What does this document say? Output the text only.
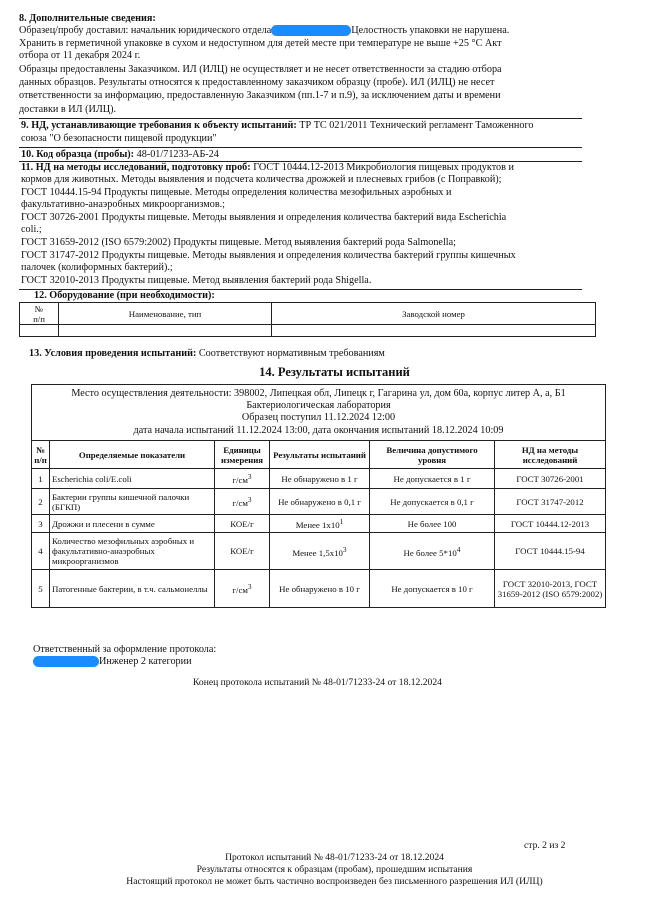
8. Дополнительные сведения:
Образец/пробу доставил: начальник юридического отдела	Целостность упаковки не нарушена.
Хранить в герметичной упаковке в сухом и недоступном для детей месте при температуре не выше +25 °С Акт
отбора от 11 декабря 2024 г.
Образцы предоставлены Заказчиком. ИЛ (ИЛЦ) не осуществляет и не несет ответственности за стадию отбора
данных образцов. Результаты относятся к предоставленному заказчиком образцу (пробе). ИЛ (ИЛЦ) не несет
ответственности за информацию, предоставленную Заказчиком (пп.1-7 и п.9), за исключением даты и времени
доставки в ИЛ (ИЛЦ).
9. НД, устанавливающие требования к объекту испытаний: ТР ТС 021/2011 Технический регламент Таможенного
союза "О безопасности пищевой продукции"
10. Код образца (пробы): 48-01/71233-АБ-24
11. НД на методы исследований, подготовку проб: ГОСТ 10444.12-2013 Микробиология пищевых продуктов и
кормов для животных. Методы выявления и подсчета количества дрожжей и плесневых грибов (с Поправкой);
ГОСТ 10444.15-94 Продукты пищевые. Методы определения количества мезофильных аэробных и
факультативно-анаэробных микроорганизмов.;
ГОСТ 30726-2001 Продукты пищевые. Методы выявления и определения количества бактерий вида Escherichia
coli.;
ГОСТ 31659-2012 (ISO 6579:2002) Продукты пищевые. Метод выявления бактерий рода Salmonella;
ГОСТ 31747-2012 Продукты пищевые. Методы выявления и определения количества бактерий группы кишечных
палочек (колиформных бактерий).;
ГОСТ 32010-2013 Продукты пищевые. Метод выявления бактерий рода Shigella.
12. Оборудование (при необходимости):
№
п/п	Наименование, тип	Заводской номер

13. Условия проведения испытаний: Соответствуют нормативным требованиям
14. Результаты испытаний
Место осуществления деятельности: 398002, Липецкая обл, Липецк г, Гагарина ул, дом 60а, корпус литер А, а, Б1
Бактериологическая лаборатория
Образец поступил 11.12.2024 12:00
дата начала испытаний 11.12.2024 13:00, дата окончания испытаний 18.12.2024 10:09
№
п/п	Определяемые показатели	Единицы измерения	Результаты испытаний	Величина допустимого уровня	НД на методы исследований
1	Escherichia coli/E.coli	$г/см^3$	Не обнаружено в 1 г	Не допускается в 1 г	ГОСТ 30726-2001
2	Бактерии группы кишечной палочки (БГКП)	$г/см^3$	Не обнаружено в 0,1 г	Не допускается в 0,1 г	ГОСТ 31747-2012
3	Дрожжи и плесени в сумме	КОЕ/г	Менее $1х10^1$	Не более 100	ГОСТ 10444.12-2013
4	Количество мезофильных аэробных и факультативно-анаэробных микроорганизмов	КОЕ/г	Менее $1,5х10^3$	Не более $5*10^4$	ГОСТ 10444.15-94
5	Патогенные бактерии, в т.ч. сальмонеллы	$г/см^3$	Не обнаружено в 10 г	Не допускается в 10 г	ГОСТ 32010-2013, ГОСТ 31659-2012 (ISO 6579:2002)
Ответственный за оформление протокола:
Инженер 2 категории
Конец протокола испытаний № 48-01/71233-24 от 18.12.2024
стр. 2 из 2
Протокол испытаний № 48-01/71233-24 от 18.12.2024
Результаты относятся к образцам (пробам), прошедшим испытания
Настоящий протокол не может быть частично воспроизведен без письменного разрешения ИЛ (ИЛЦ)
